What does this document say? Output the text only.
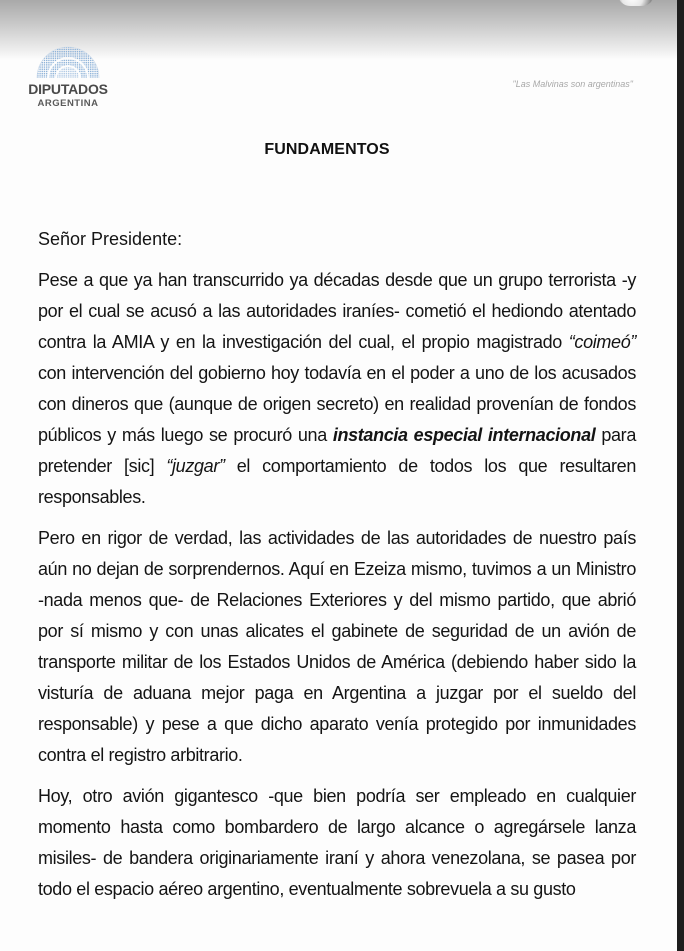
DIPUTADOS
ARGENTINA
"Las Malvinas son argentinas"
FUNDAMENTOS

Señor Presidente:

Pese a que ya han transcurrido ya décadas desde que un grupo terrorista -y por el cual se acusó a las autoridades iraníes- cometió el hediondo atentado contra la AMIA y en la investigación del cual, el propio magistrado “coimeó” con intervención del gobierno hoy todavía en el poder a uno de los acusados con dineros que (aunque de origen secreto) en realidad provenían de fondos públicos y más luego se procuró una instancia especial internacional para pretender [sic] “juzgar” el comportamiento de todos los que resultaren responsables.

Pero en rigor de verdad, las actividades de las autoridades de nuestro país aún no dejan de sorprendernos. Aquí en Ezeiza mismo, tuvimos a un Ministro -nada menos que- de Relaciones Exteriores y del mismo partido, que abrió por sí mismo y con unas alicates el gabinete de seguridad de un avión de transporte militar de los Estados Unidos de América (debiendo haber sido la visturía de aduana mejor paga en Argentina a juzgar por el sueldo del responsable) y pese a que dicho aparato venía protegido por inmunidades contra el registro arbitrario.

Hoy, otro avión gigantesco -que bien podría ser empleado en cualquier momento hasta como bombardero de largo alcance o agregársele lanza misiles- de bandera originariamente iraní y ahora venezolana, se pasea por todo el espacio aéreo argentino, eventualmente sobrevuela a su gusto
